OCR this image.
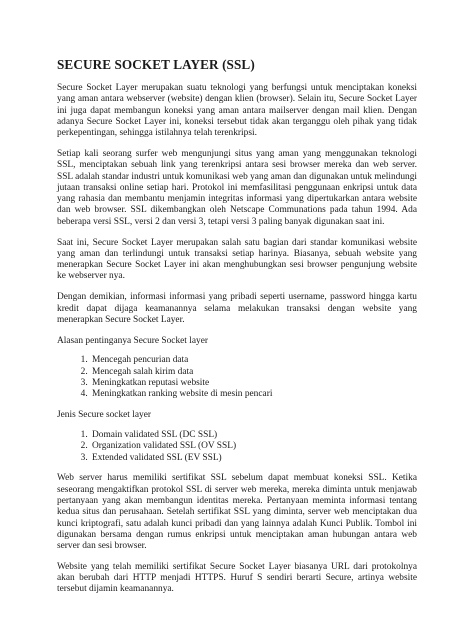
SECURE SOCKET LAYER (SSL)

Secure Socket Layer merupakan suatu teknologi yang berfungsi untuk menciptakan koneksi yang aman antara webserver (website) dengan klien (browser). Selain itu, Secure Socket Layer ini juga dapat membangun koneksi yang aman antara mailserver dengan mail klien. Dengan adanya Secure Socket Layer ini, koneksi tersebut tidak akan terganggu oleh pihak yang tidak perkepentingan, sehingga istilahnya telah terenkripsi.

Setiap kali seorang surfer web mengunjungi situs yang aman yang menggunakan teknologi SSL, menciptakan sebuah link yang terenkripsi antara sesi browser mereka dan web server. SSL adalah standar industri untuk komunikasi web yang aman dan digunakan untuk melindungi jutaan transaksi online setiap hari. Protokol ini memfasilitasi penggunaan enkripsi untuk data yang rahasia dan membantu menjamin integritas informasi yang dipertukarkan antara website dan web browser. SSL dikembangkan oleh Netscape Communations pada tahun 1994. Ada beberapa versi SSL, versi 2 dan versi 3, tetapi versi 3 paling banyak digunakan saat ini.

Saat ini, Secure Socket Layer merupakan salah satu bagian dari standar komunikasi website yang aman dan terlindungi untuk transaksi setiap harinya. Biasanya, sebuah website yang menerapkan Secure Socket Layer ini akan menghubungkan sesi browser pengunjung website ke webserver nya.

Dengan demikian, informasi informasi yang pribadi seperti username, password hingga kartu kredit dapat dijaga keamanannya selama melakukan transaksi dengan website yang menerapkan Secure Socket Layer.

Alasan pentinganya Secure Socket layer

1. Mencegah pencurian data
2. Mencegah salah kirim data
3. Meningkatkan reputasi website
4. Meningkatkan ranking website di mesin pencari

Jenis Secure socket layer

1. Domain validated SSL (DC SSL)
2. Organization validated SSL (OV SSL)
3. Extended validated SSL (EV SSL)

Web server harus memiliki sertifikat SSL sebelum dapat membuat koneksi SSL. Ketika seseorang mengaktifkan protokol SSL di server web mereka, mereka diminta untuk menjawab pertanyaan yang akan membangun identitas mereka. Pertanyaan meminta informasi tentang kedua situs dan perusahaan. Setelah sertifikat SSL yang diminta, server web menciptakan dua kunci kriptografi, satu adalah kunci pribadi dan yang lainnya adalah Kunci Publik. Tombol ini digunakan bersama dengan rumus enkripsi untuk menciptakan aman hubungan antara web server dan sesi browser.

Website yang telah memiliki sertifikat Secure Socket Layer biasanya URL dari protokolnya akan berubah dari HTTP menjadi HTTPS. Huruf S sendiri berarti Secure, artinya website tersebut dijamin keamanannya.
